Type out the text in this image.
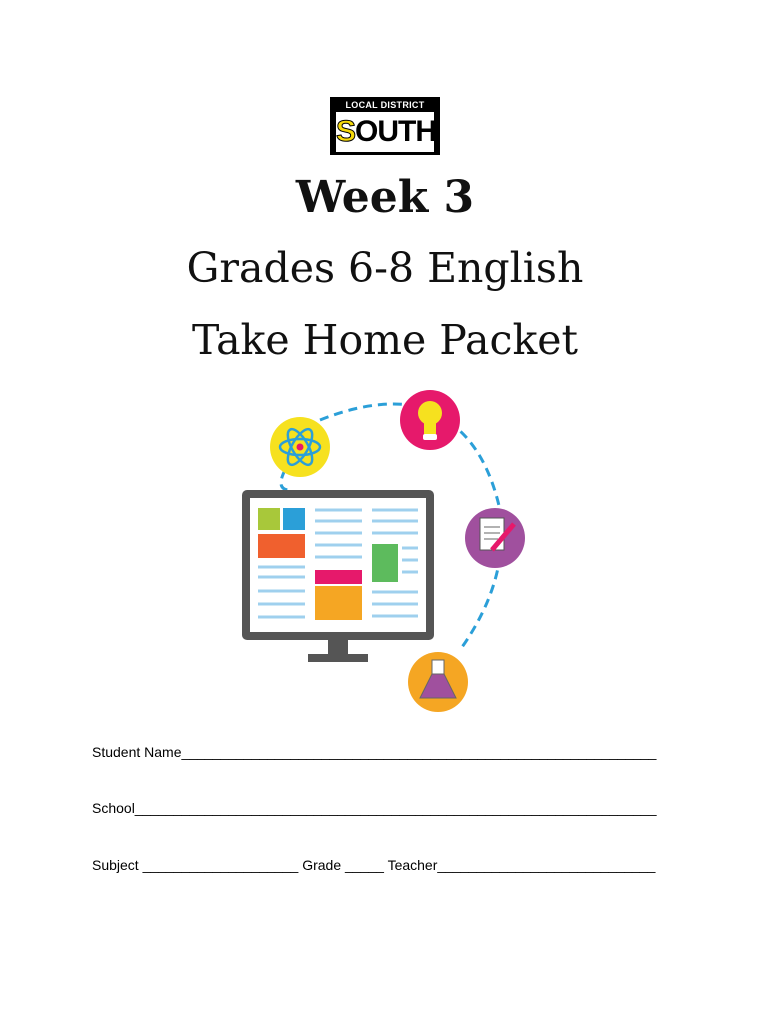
LOCAL DISTRICT
SOUTH
Week 3
Grades 6-8 English
Take Home Packet
Student Name_____________________________________________________________
School___________________________________________________________________
Subject ____________________ Grade _____ Teacher____________________________
